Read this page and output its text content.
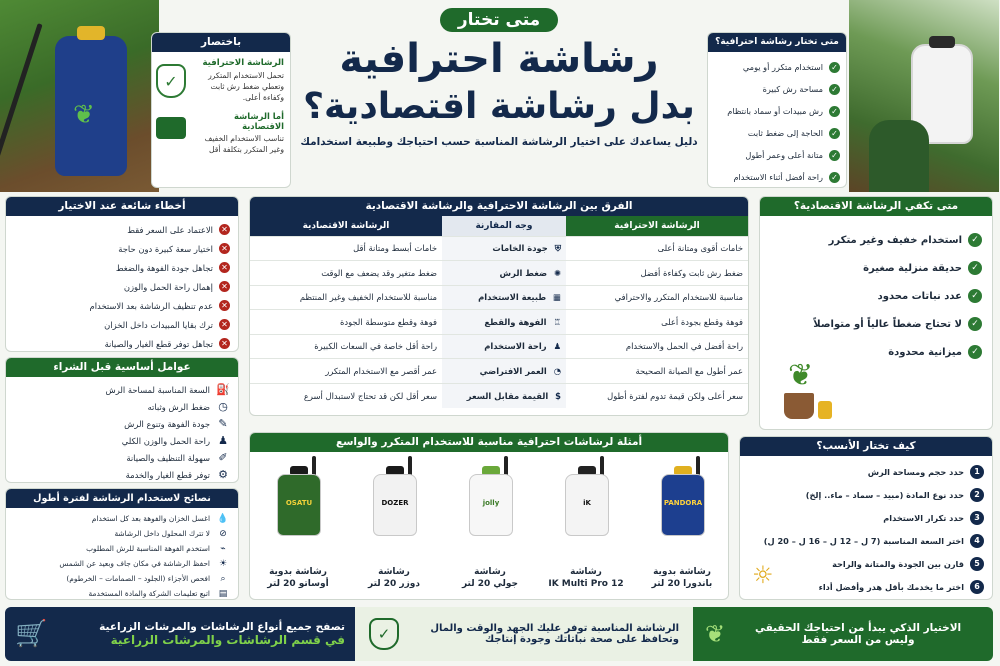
❦
متى تختار
رشاشة احترافية
بدل رشاشة اقتصادية؟
دليل يساعدك على اختيار الرشاشة المناسبة حسب احتياجك وطبيعة استخدامك
باختصار
الرشاشة الاحترافية
تحمل الاستخدام المتكرر
وتعطي ضغط رش ثابت
وكفاءة أعلى.
✓
أما الرشاشة الاقتصادية
تناسب الاستخدام الخفيف
وغير المتكرر بتكلفة أقل
متى تختار رشاشة احترافية؟
✓
استخدام متكرر أو يومي
✓
مساحة رش كبيرة
✓
رش مبيدات أو سماد بانتظام
✓
الحاجة إلى ضغط ثابت
✓
متانة أعلى وعمر أطول
✓
راحة أفضل أثناء الاستخدام
أخطاء شائعة عند الاختيار
✕
الاعتماد على السعر فقط
✕
اختيار سعة كبيرة دون حاجة
✕
تجاهل جودة الفوهة والضغط
✕
إهمال راحة الحمل والوزن
✕
عدم تنظيف الرشاشة بعد الاستخدام
✕
ترك بقايا المبيدات داخل الخزان
✕
تجاهل توفر قطع الغيار والصيانة
عوامل أساسية قبل الشراء
⛽
السعة المناسبة لمساحة الرش
◷
ضغط الرش وثباته
✎
جودة الفوهة وتنوع الرش
♟
راحة الحمل والوزن الكلي
✐
سهولة التنظيف والصيانة
⚙
توفر قطع الغيار والخدمة
نصائح لاستخدام الرشاشة لفترة أطول
💧
اغسل الخزان والفوهة بعد كل استخدام
⦸
لا تترك المحلول داخل الرشاشة
⌁
استخدم الفوهة المناسبة للرش المطلوب
☀
احفظ الرشاشة في مكان جاف وبعيد عن الشمس
⌕
افحص الأجزاء (الجلود – الصمامات – الخرطوم)
▤
اتبع تعليمات الشركة والمادة المستخدمة
الفرق بين الرشاشة الاحترافية والرشاشة الاقتصادية
الرشاشة الاحترافية	وجه المقارنة	الرشاشة الاقتصادية
خامات أقوى ومتانة أعلى	⛨ جودة الخامات	خامات أبسط ومتانة أقل
ضغط رش ثابت وكفاءة أفضل	✺ ضغط الرش	ضغط متغير وقد يضعف مع الوقت
مناسبة للاستخدام المتكرر والاحترافي	▦ طبيعة الاستخدام	مناسبة للاستخدام الخفيف وغير المنتظم
فوهة وقطع بجودة أعلى	♖ الفوهة والقطع	فوهة وقطع متوسطة الجودة
راحة أفضل في الحمل والاستخدام	♟ راحة الاستخدام	راحة أقل خاصة في السعات الكبيرة
عمر أطول مع الصيانة الصحيحة	◔ العمر الافتراضي	عمر أقصر مع الاستخدام المتكرر
سعر أعلى ولكن قيمة تدوم لفترة أطول	$ القيمة مقابل السعر	سعر أقل لكن قد تحتاج لاستبدال أسرع
متى تكفي الرشاشة الاقتصادية؟
✓
استخدام خفيف وغير متكرر
✓
حديقة منزلية صغيرة
✓
عدد نباتات محدود
✓
لا تحتاج ضغطاً عالياً أو متواصلاً
✓
ميزانية محدودة
❦
أمثلة لرشاشات احترافية مناسبة للاستخدام المتكرر والواسع
PANDORA
رشاشة بدوية
باندورا 20 لتر
iK
رشاشة
IK Multi Pro 12
jolly
رشاشة
جولي 20 لتر
DOZER
رشاشة
دوزر 20 لتر
OSATU
رشاشة بدوية
أوساتو 20 لتر
كيف تختار الأنسب؟
1
حدد حجم ومساحة الرش
2
حدد نوع المادة (مبيد – سماد – ماء.. إلخ)
3
حدد تكرار الاستخدام
4
اختر السعة المناسبة (7 ل – 12 ل – 16 ل – 20 ل)
5
قارن بين الجودة والمتانة والراحة
6
اختر ما يخدمك بأقل هدر وأفضل أداء
☼
🛒	تصفح جميع أنواع الرشاشات والمرشات الزراعية
في قسم الرشاشات والمرشات الزراعية	✓	الرشاشة المناسبة توفر عليك الجهد والوقت والمال
وتحافظ على صحة نباتاتك وجودة إنتاجك ❦	الاختيار الذكي يبدأ من احتياجك الحقيقي
وليس من السعر فقط
